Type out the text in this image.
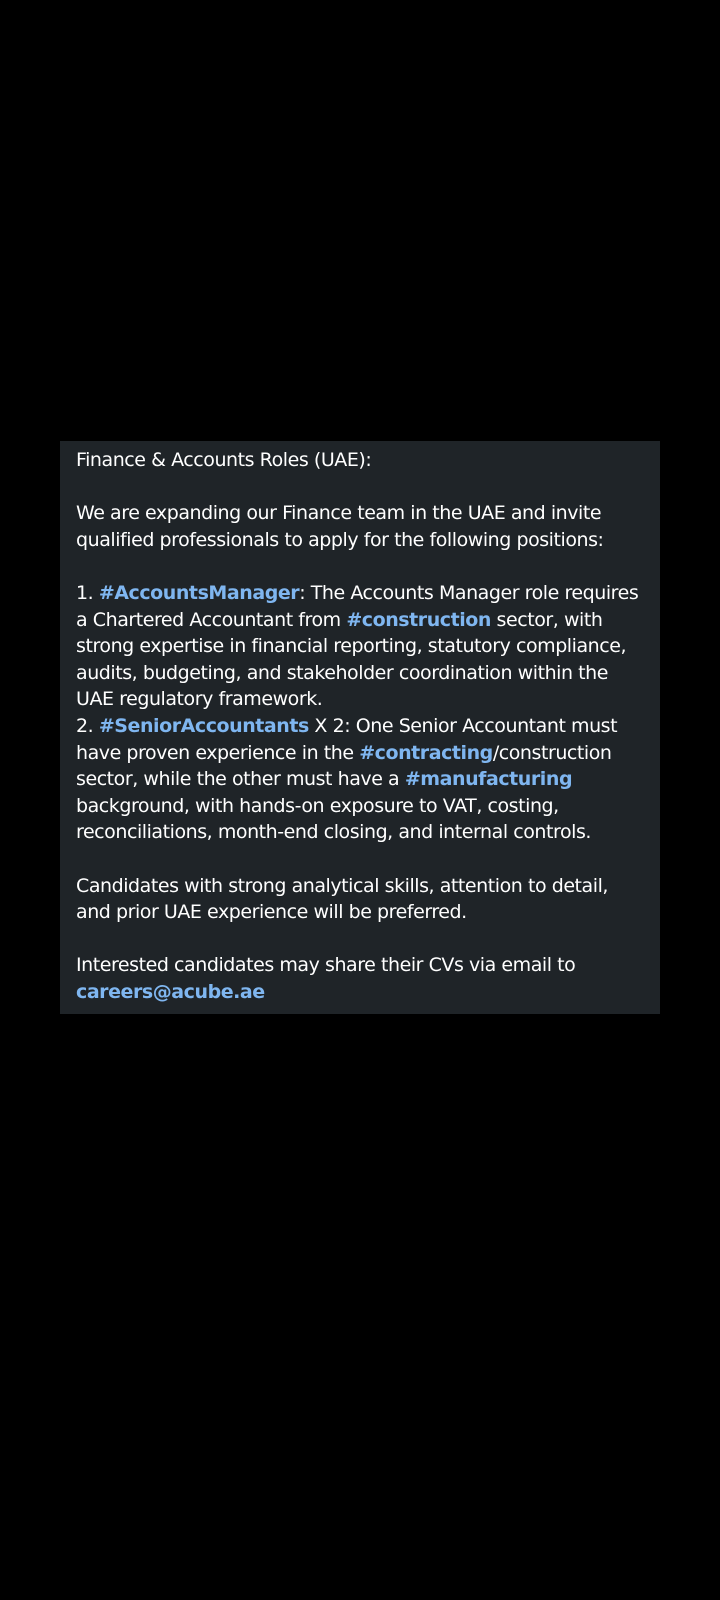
Finance & Accounts Roles (UAE):

We are expanding our Finance team in the UAE and invite qualified professionals to apply for the following positions:

1. #AccountsManager: The Accounts Manager role requires a Chartered Accountant from #construction sector, with strong expertise in financial reporting, statutory compliance, audits, budgeting, and stakeholder coordination within the UAE regulatory framework.

2. #SeniorAccountants X 2: One Senior Accountant must have proven experience in the #contracting/construction sector, while the other must have a #manufacturing background, with hands-on exposure to VAT, costing, reconciliations, month-end closing, and internal controls.

Candidates with strong analytical skills, attention to detail, and prior UAE experience will be preferred.

Interested candidates may share their CVs via email to

careers@acube.ae
